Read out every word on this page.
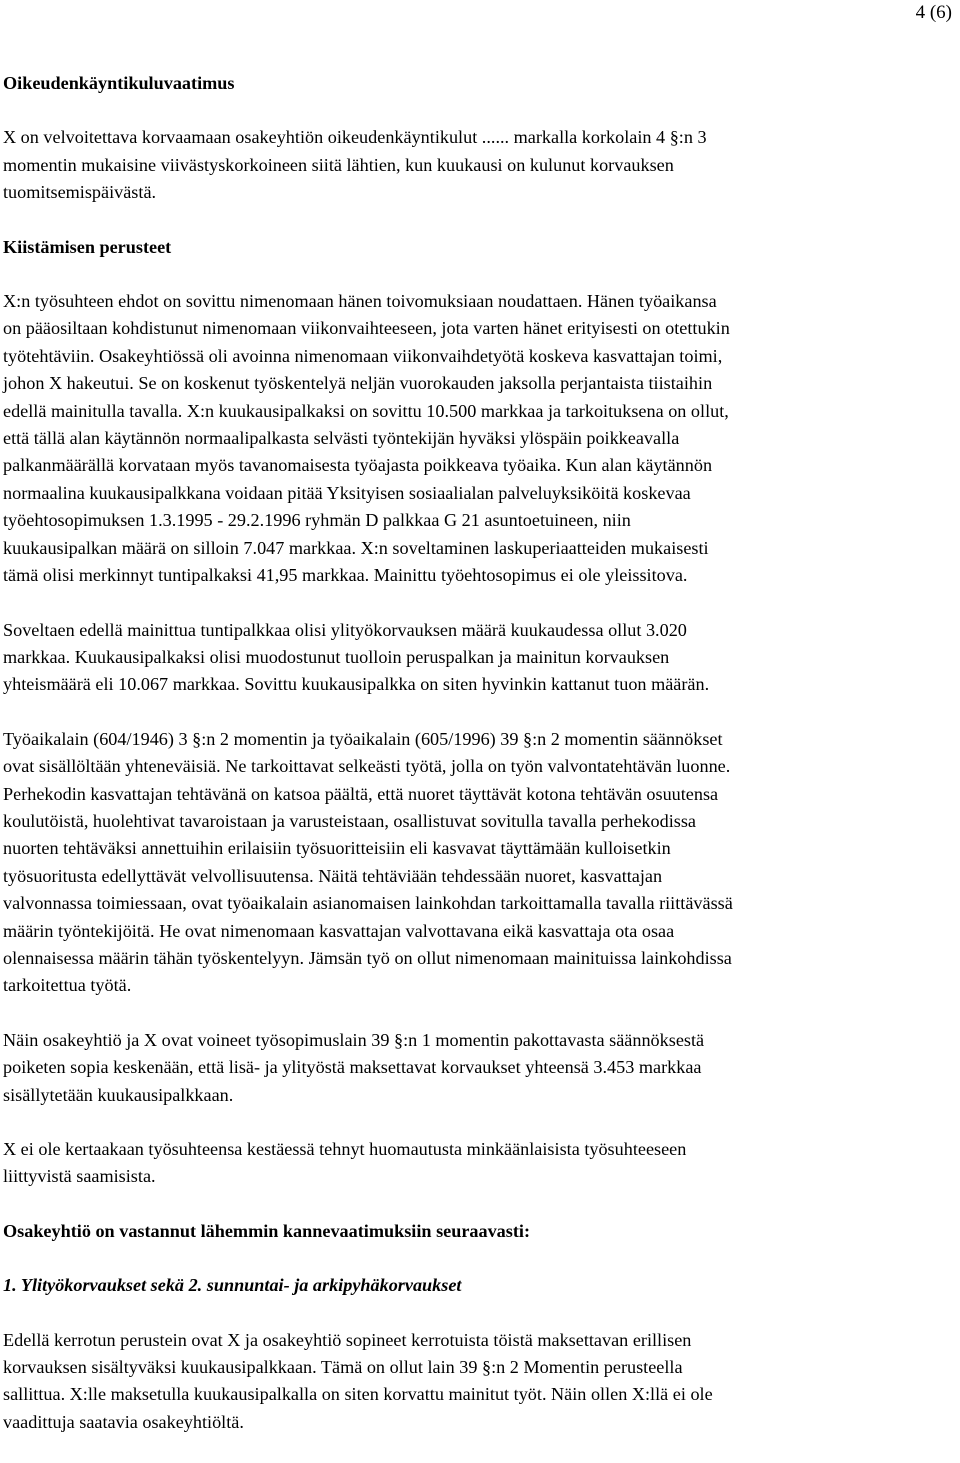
4 (6)
Oikeudenkäyntikuluvaatimus
X on velvoitettava korvaamaan osakeyhtiön oikeudenkäyntikulut ...... markalla korkolain 4 §:n 3
momentin mukaisine viivästyskorkoineen siitä lähtien, kun kuukausi on kulunut korvauksen
tuomitsemispäivästä.
Kiistämisen perusteet
X:n työsuhteen ehdot on sovittu nimenomaan hänen toivomuksiaan noudattaen. Hänen työaikansa
on pääosiltaan kohdistunut nimenomaan viikonvaihteeseen, jota varten hänet erityisesti on otettukin
työtehtäviin. Osakeyhtiössä oli avoinna nimenomaan viikonvaihdetyötä koskeva kasvattajan toimi,
johon X hakeutui. Se on koskenut työskentelyä neljän vuorokauden jaksolla perjantaista tiistaihin
edellä mainitulla tavalla. X:n kuukausipalkaksi on sovittu 10.500 markkaa ja tarkoituksena on ollut,
että tällä alan käytännön normaalipalkasta selvästi työntekijän hyväksi ylöspäin poikkeavalla
palkanmäärällä korvataan myös tavanomaisesta työajasta poikkeava työaika. Kun alan käytännön
normaalina kuukausipalkkana voidaan pitää Yksityisen sosiaalialan palveluyksiköitä koskevaa
työehtosopimuksen 1.3.1995 - 29.2.1996 ryhmän D palkkaa G 21 asuntoetuineen, niin
kuukausipalkan määrä on silloin 7.047 markkaa. X:n soveltaminen laskuperiaatteiden mukaisesti
tämä olisi merkinnyt tuntipalkaksi 41,95 markkaa. Mainittu työehtosopimus ei ole yleissitova.
Soveltaen edellä mainittua tuntipalkkaa olisi ylityökorvauksen määrä kuukaudessa ollut 3.020
markkaa. Kuukausipalkaksi olisi muodostunut tuolloin peruspalkan ja mainitun korvauksen
yhteismäärä eli 10.067 markkaa. Sovittu kuukausipalkka on siten hyvinkin kattanut tuon määrän.
Työaikalain (604/1946) 3 §:n 2 momentin ja työaikalain (605/1996) 39 §:n 2 momentin säännökset
ovat sisällöltään yhteneväisiä. Ne tarkoittavat selkeästi työtä, jolla on työn valvontatehtävän luonne.
Perhekodin kasvattajan tehtävänä on katsoa päältä, että nuoret täyttävät kotona tehtävän osuutensa
koulutöistä, huolehtivat tavaroistaan ja varusteistaan, osallistuvat sovitulla tavalla perhekodissa
nuorten tehtäväksi annettuihin erilaisiin työsuoritteisiin eli kasvavat täyttämään kulloisetkin
työsuoritusta edellyttävät velvollisuutensa. Näitä tehtäviään tehdessään nuoret, kasvattajan
valvonnassa toimiessaan, ovat työaikalain asianomaisen lainkohdan tarkoittamalla tavalla riittävässä
määrin työntekijöitä. He ovat nimenomaan kasvattajan valvottavana eikä kasvattaja ota osaa
olennaisessa määrin tähän työskentelyyn. Jämsän työ on ollut nimenomaan mainituissa lainkohdissa
tarkoitettua työtä.
Näin osakeyhtiö ja X ovat voineet työsopimuslain 39 §:n 1 momentin pakottavasta säännöksestä
poiketen sopia keskenään, että lisä- ja ylityöstä maksettavat korvaukset yhteensä 3.453 markkaa
sisällytetään kuukausipalkkaan.
X ei ole kertaakaan työsuhteensa kestäessä tehnyt huomautusta minkäänlaisista työsuhteeseen
liittyvistä saamisista.
Osakeyhtiö on vastannut lähemmin kannevaatimuksiin seuraavasti:
1. Ylityökorvaukset sekä 2. sunnuntai- ja arkipyhäkorvaukset
Edellä kerrotun perustein ovat X ja osakeyhtiö sopineet kerrotuista töistä maksettavan erillisen
korvauksen sisältyväksi kuukausipalkkaan. Tämä on ollut lain 39 §:n 2 Momentin perusteella
sallittua. X:lle maksetulla kuukausipalkalla on siten korvattu mainitut työt. Näin ollen X:llä ei ole
vaadittuja saatavia osakeyhtiöltä.
